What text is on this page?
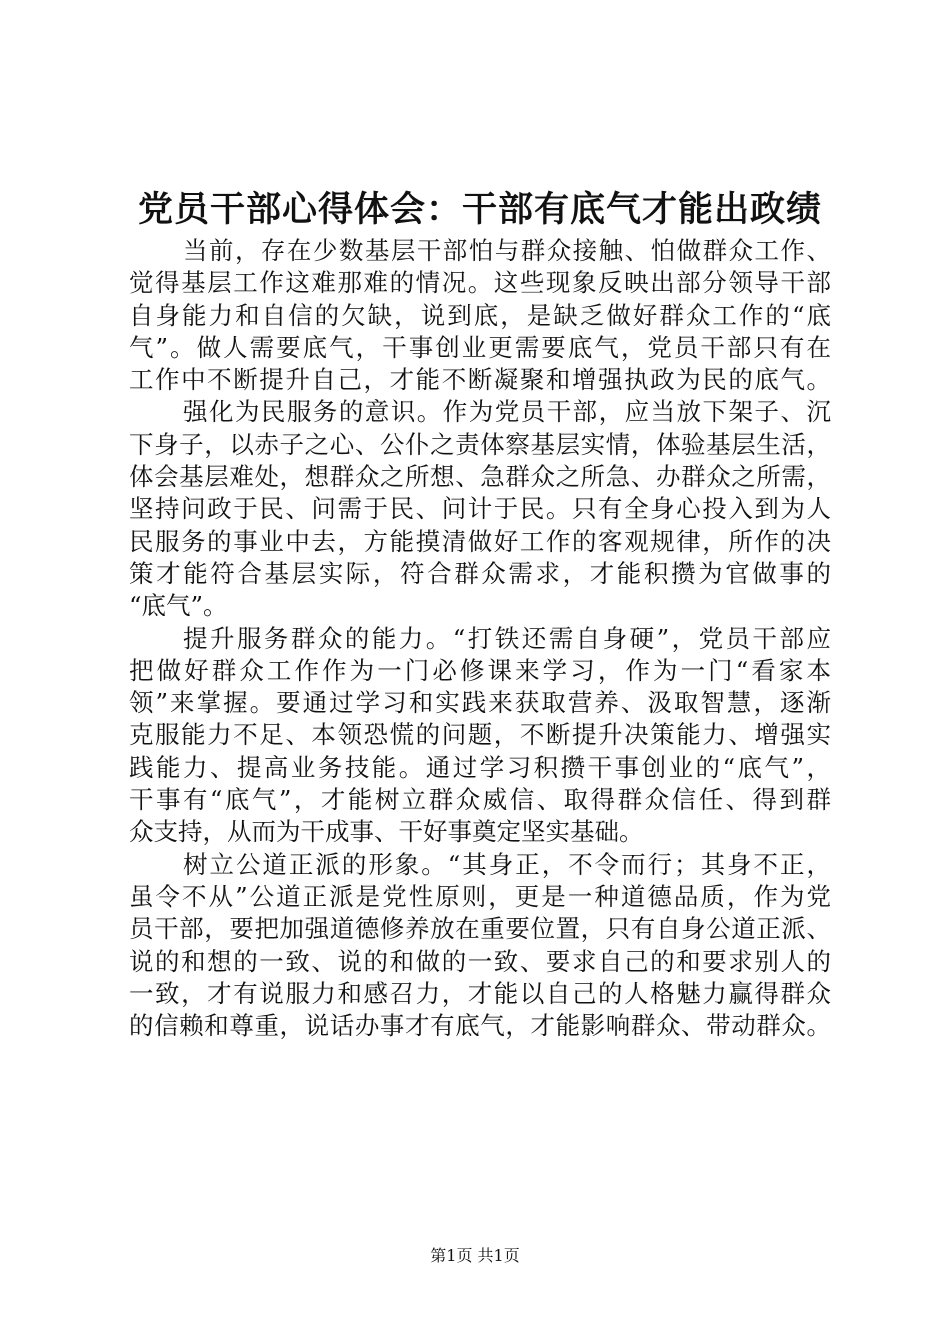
党员干部心得体会：干部有底气才能出政绩
当前，存在少数基层干部怕与群众接触、怕做群众工作、
觉得基层工作这难那难的情况。这些现象反映出部分领导干部
自身能力和自信的欠缺，说到底，是缺乏做好群众工作的“底
气”。做人需要底气，干事创业更需要底气，党员干部只有在
工作中不断提升自己，才能不断凝聚和增强执政为民的底气。
强化为民服务的意识。作为党员干部，应当放下架子、沉
下身子，以赤子之心、公仆之责体察基层实情，体验基层生活，
体会基层难处，想群众之所想、急群众之所急、办群众之所需，
坚持问政于民、问需于民、问计于民。只有全身心投入到为人
民服务的事业中去，方能摸清做好工作的客观规律，所作的决
策才能符合基层实际，符合群众需求，才能积攒为官做事的
“底气”。
提升服务群众的能力。“打铁还需自身硬”，党员干部应
把做好群众工作作为一门必修课来学习，作为一门“看家本
领”来掌握。要通过学习和实践来获取营养、汲取智慧，逐渐
克服能力不足、本领恐慌的问题，不断提升决策能力、增强实
践能力、提高业务技能。通过学习积攒干事创业的“底气”，
干事有“底气”，才能树立群众威信、取得群众信任、得到群
众支持，从而为干成事、干好事奠定坚实基础。
树立公道正派的形象。“其身正，不令而行；其身不正，
虽令不从”公道正派是党性原则，更是一种道德品质，作为党
员干部，要把加强道德修养放在重要位置，只有自身公道正派、
说的和想的一致、说的和做的一致、要求自己的和要求别人的
一致，才有说服力和感召力，才能以自己的人格魅力赢得群众
的信赖和尊重，说话办事才有底气，才能影响群众、带动群众。
第1页 共1页
